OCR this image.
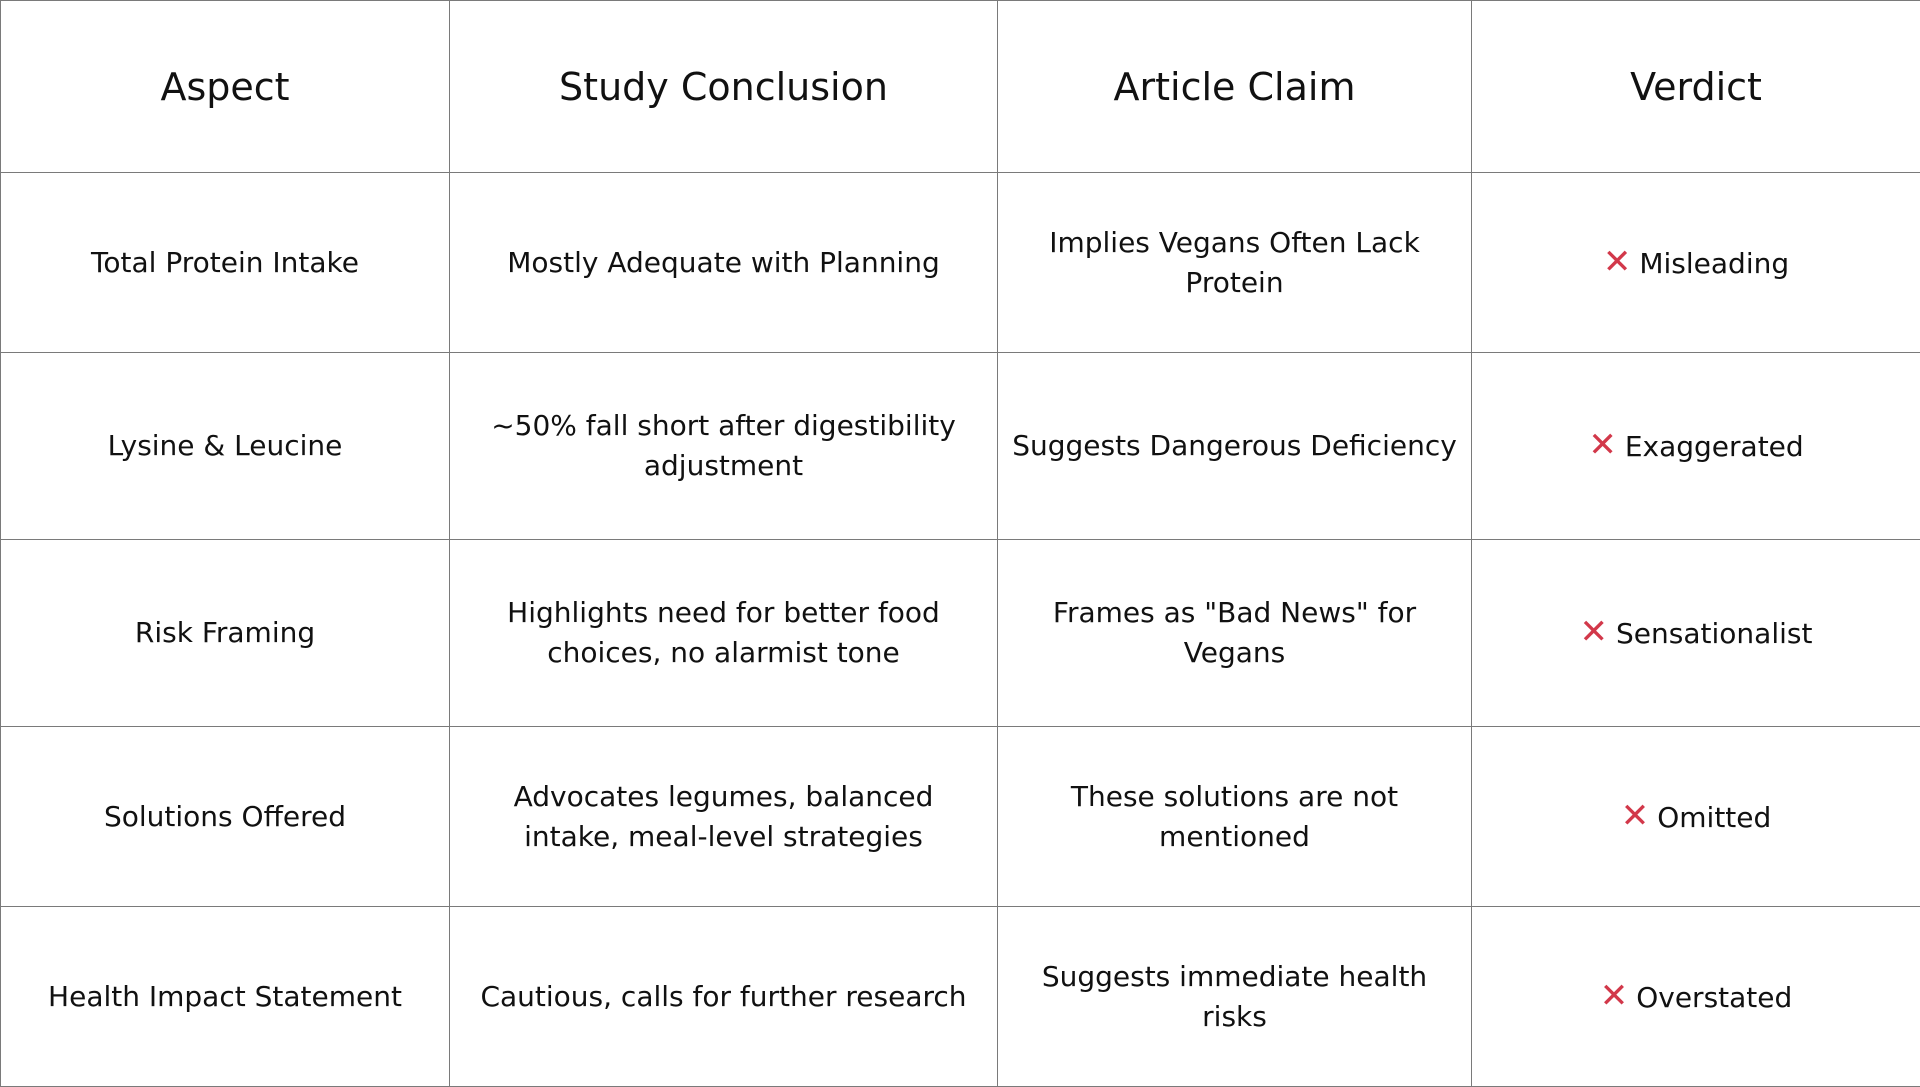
Aspect	Study Conclusion	Article Claim	Verdict
Total Protein Intake	Mostly Adequate with Planning	Implies Vegans Often Lack Protein	✕ Misleading
Lysine & Leucine	~50% fall short after digestibility adjustment	Suggests Dangerous Deficiency	✕ Exaggerated
Risk Framing	Highlights need for better food choices, no alarmist tone	Frames as "Bad News" for Vegans	✕ Sensationalist
Solutions Offered	Advocates legumes, balanced intake, meal-level strategies	These solutions are not mentioned	✕ Omitted
Health Impact Statement	Cautious, calls for further research	Suggests immediate health risks	✕ Overstated
